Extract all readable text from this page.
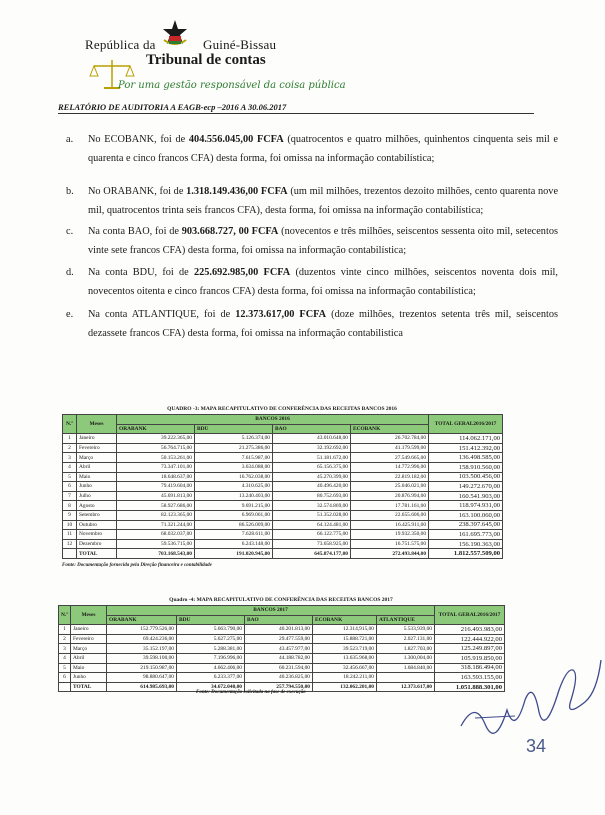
República da	Guiné-Bissau
Tribunal de contas
Por uma gestão responsável da coisa pública
RELATÓRIO DE AUDITORIA A EAGB-ecp –2016 A 30.06.2017
a. No ECOBANK, foi de 404.556.045,00 FCFA (quatrocentos e quatro milhões, quinhentos cinquenta seis mil e quarenta e cinco francos CFA) desta forma, foi omissa na informação contabilística;
b. No ORABANK, foi de 1.318.149.436,00 FCFA (um mil milhões, trezentos dezoito milhões, cento quarenta nove mil, quatrocentos trinta seis francos CFA), desta forma, foi omissa na informação contabilística;
c. Na conta BAO, foi de 903.668.727, 00 FCFA (novecentos e três milhões, seiscentos sessenta oito mil, setecentos vinte sete francos CFA) desta forma, foi omissa na informação contabilística;
d. Na conta BDU, foi de 225.692.985,00 FCFA (duzentos vinte cinco milhões, seiscentos noventa dois mil, novecentos oitenta e cinco francos CFA) desta forma, foi omissa na informação contabilística;
e. Na conta ATLANTIQUE, foi de 12.373.617,00 FCFA (doze milhões, trezentos setenta três mil, seiscentos dezassete francos CFA) desta forma, foi omissa na informação contabilistica
QUADRO -3: MAPA RECAPITULATIVO DE CONFERÊNCIA DAS RECEITAS BANCOS 2016
N.º	Meses	BANCOS 2016				TOTAL GERAL2016/2017
		ORABANK	BDU	BAO	ECOBANK	
1	Janeiro	39.222.365,00	5.126.374,00	43.010.648,00	26.702.784,00	114.062.171,00
2	Fevereiro	56.764.715,00	21.275.386,00	32.192.692,00	41.179.599,00	151.412.392,00
3	Março	50.153.261,00	7.615.987,00	51.181.672,00	27.549.665,00	136.498.585,00
4	Abril	73.347.101,00	3.634.088,00	65.156.375,00	14.772.996,00	158.910.560,00
5	Maio	18.648.637,00	16.762.038,00	45.270.399,00	22.819.182,00	103.500.456,00
6	Junho	79.419.604,00	4.310.625,00	40.496.420,00	25.046.021,00	149.272.670,00
7	Julho	45.691.813,00	13.240.403,00	80.752.693,00	20.876.994,00	160.541.903,00
8	Agosto	58.927.686,00	9.691.215,00	32.574.869,00	17.781.161,00	118.974.931,00
9	Setembro	82.123.365,00	6.969.061,00	51.352.028,00	22.655.606,00	163.100.060,00
10	Outubro	71.321.244,00	86.526.009,00	64.124.481,00	16.425.911,00	238.397.645,00
11	Novembro	68.032.037,00	7.628.611,00	66.122.775,00	19.932.350,00	161.695.773,00
12	Dezembro	59.536.715,00	6.243.148,00	73.658.925,00	16.751.575,00	156.190.363,00
	TOTAL	703.168.543,00	191.020.945,00	645.874.177,00	272.493.844,00	1.812.557.509,00
Fonte: Documentação fornecida pela Direção financeira e contabilidade
Quadro -4: MAPA RECAPITULATIVO DE CONFERÊNCIA DAS RECEITAS BANCOS 2017
N.º	Meses	BANCOS 2017					TOTAL GERAL2016/2017
		ORABANK	BDU	BAO	ECOBANK	ATLANTIQUE	
1	Janeiro	152.779.526,00	5.663.790,00	40.201.813,00	12.314,915,00	5.533,939,00	216.493.983,00
2	Fevereiro	69.424.236,00	5.627.275,00	29.477.559,00	15.888.721,00	2.027.131,00	122.444.922,00
3	Março	35.152.197,00	5.288.381,00	43.457.977,00	39.523.719,00	1.827.703,00	125.249.897,00
4	Abril	39.598.100,00	7.196.996,00	44.188.782,00	13.635.968,00	1.300,004,00	105.919.850,00
5	Maio	219.150.987,00	4.662.406,00	60.231.594,00	32.456.667,00	1.684.840,00	318.186.494,00
6	Junho	98.880.647,00	6.233.377,00	40.236.825,00	18.242.211,00		163.593.155,00
	TOTAL	614.985.693,00	34.672.040,00	257.794.550,00	132.062.201,00	12.373.617,00	1.051.888.301,00
Fonte: Documentação solicitada na fase de execução
34
